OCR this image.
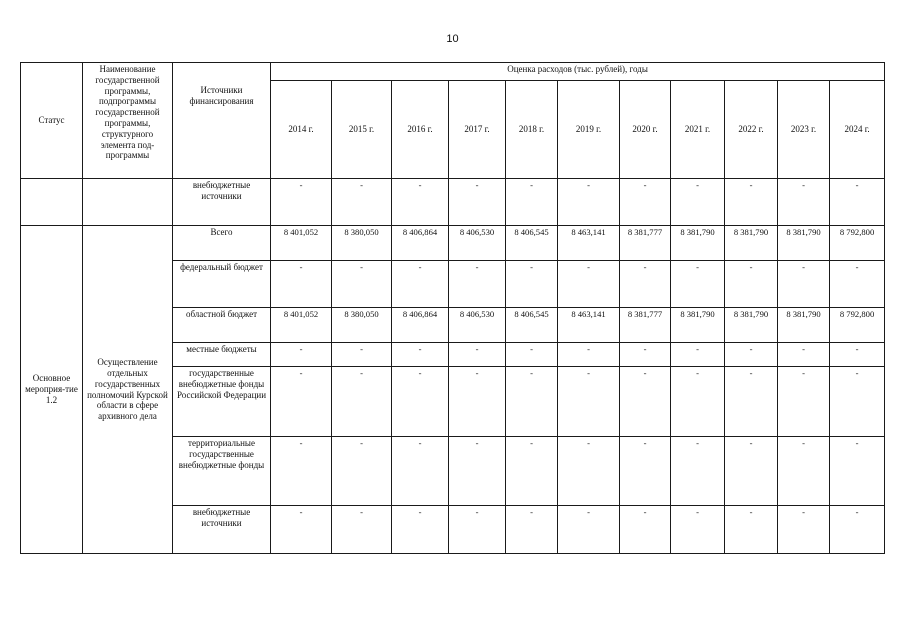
10
Статус	Наименование государственной программы, подпрограммы государственной программы, структурного элемента под-программы	Источники финансирования	Оценка расходов (тыс. рублей), годы										
			2014 г.	2015 г.	2016 г.	2017 г.	2018 г.	2019 г.	2020 г.	2021 г.	2022 г.	2023 г.	2024 г.
		внебюджетные источники	-	-	-	-	-	-	-	-	-	-	-
Основное мероприя-тие 1.2	Осуществление отдельных государственных полномочий Курской области в сфере архивного дела	Всего	8 401,052	8 380,050	8 406,864	8 406,530	8 406,545	8 463,141	8 381,777	8 381,790	8 381,790	8 381,790	8 792,800
		федеральный бюджет	-	-	-	-	-	-	-	-	-	-	-
		областной бюджет	8 401,052	8 380,050	8 406,864	8 406,530	8 406,545	8 463,141	8 381,777	8 381,790	8 381,790	8 381,790	8 792,800
		местные бюджеты	-	-	-	-	-	-	-	-	-	-	-
		государственные внебюджетные фонды Российской Федерации	-	-	-	-	-	-	-	-	-	-	-
		территориальные государственные внебюджетные фонды	-	-	-	-	-	-	-	-	-	-	-
		внебюджетные источники	-	-	-	-	-	-	-	-	-	-	-
